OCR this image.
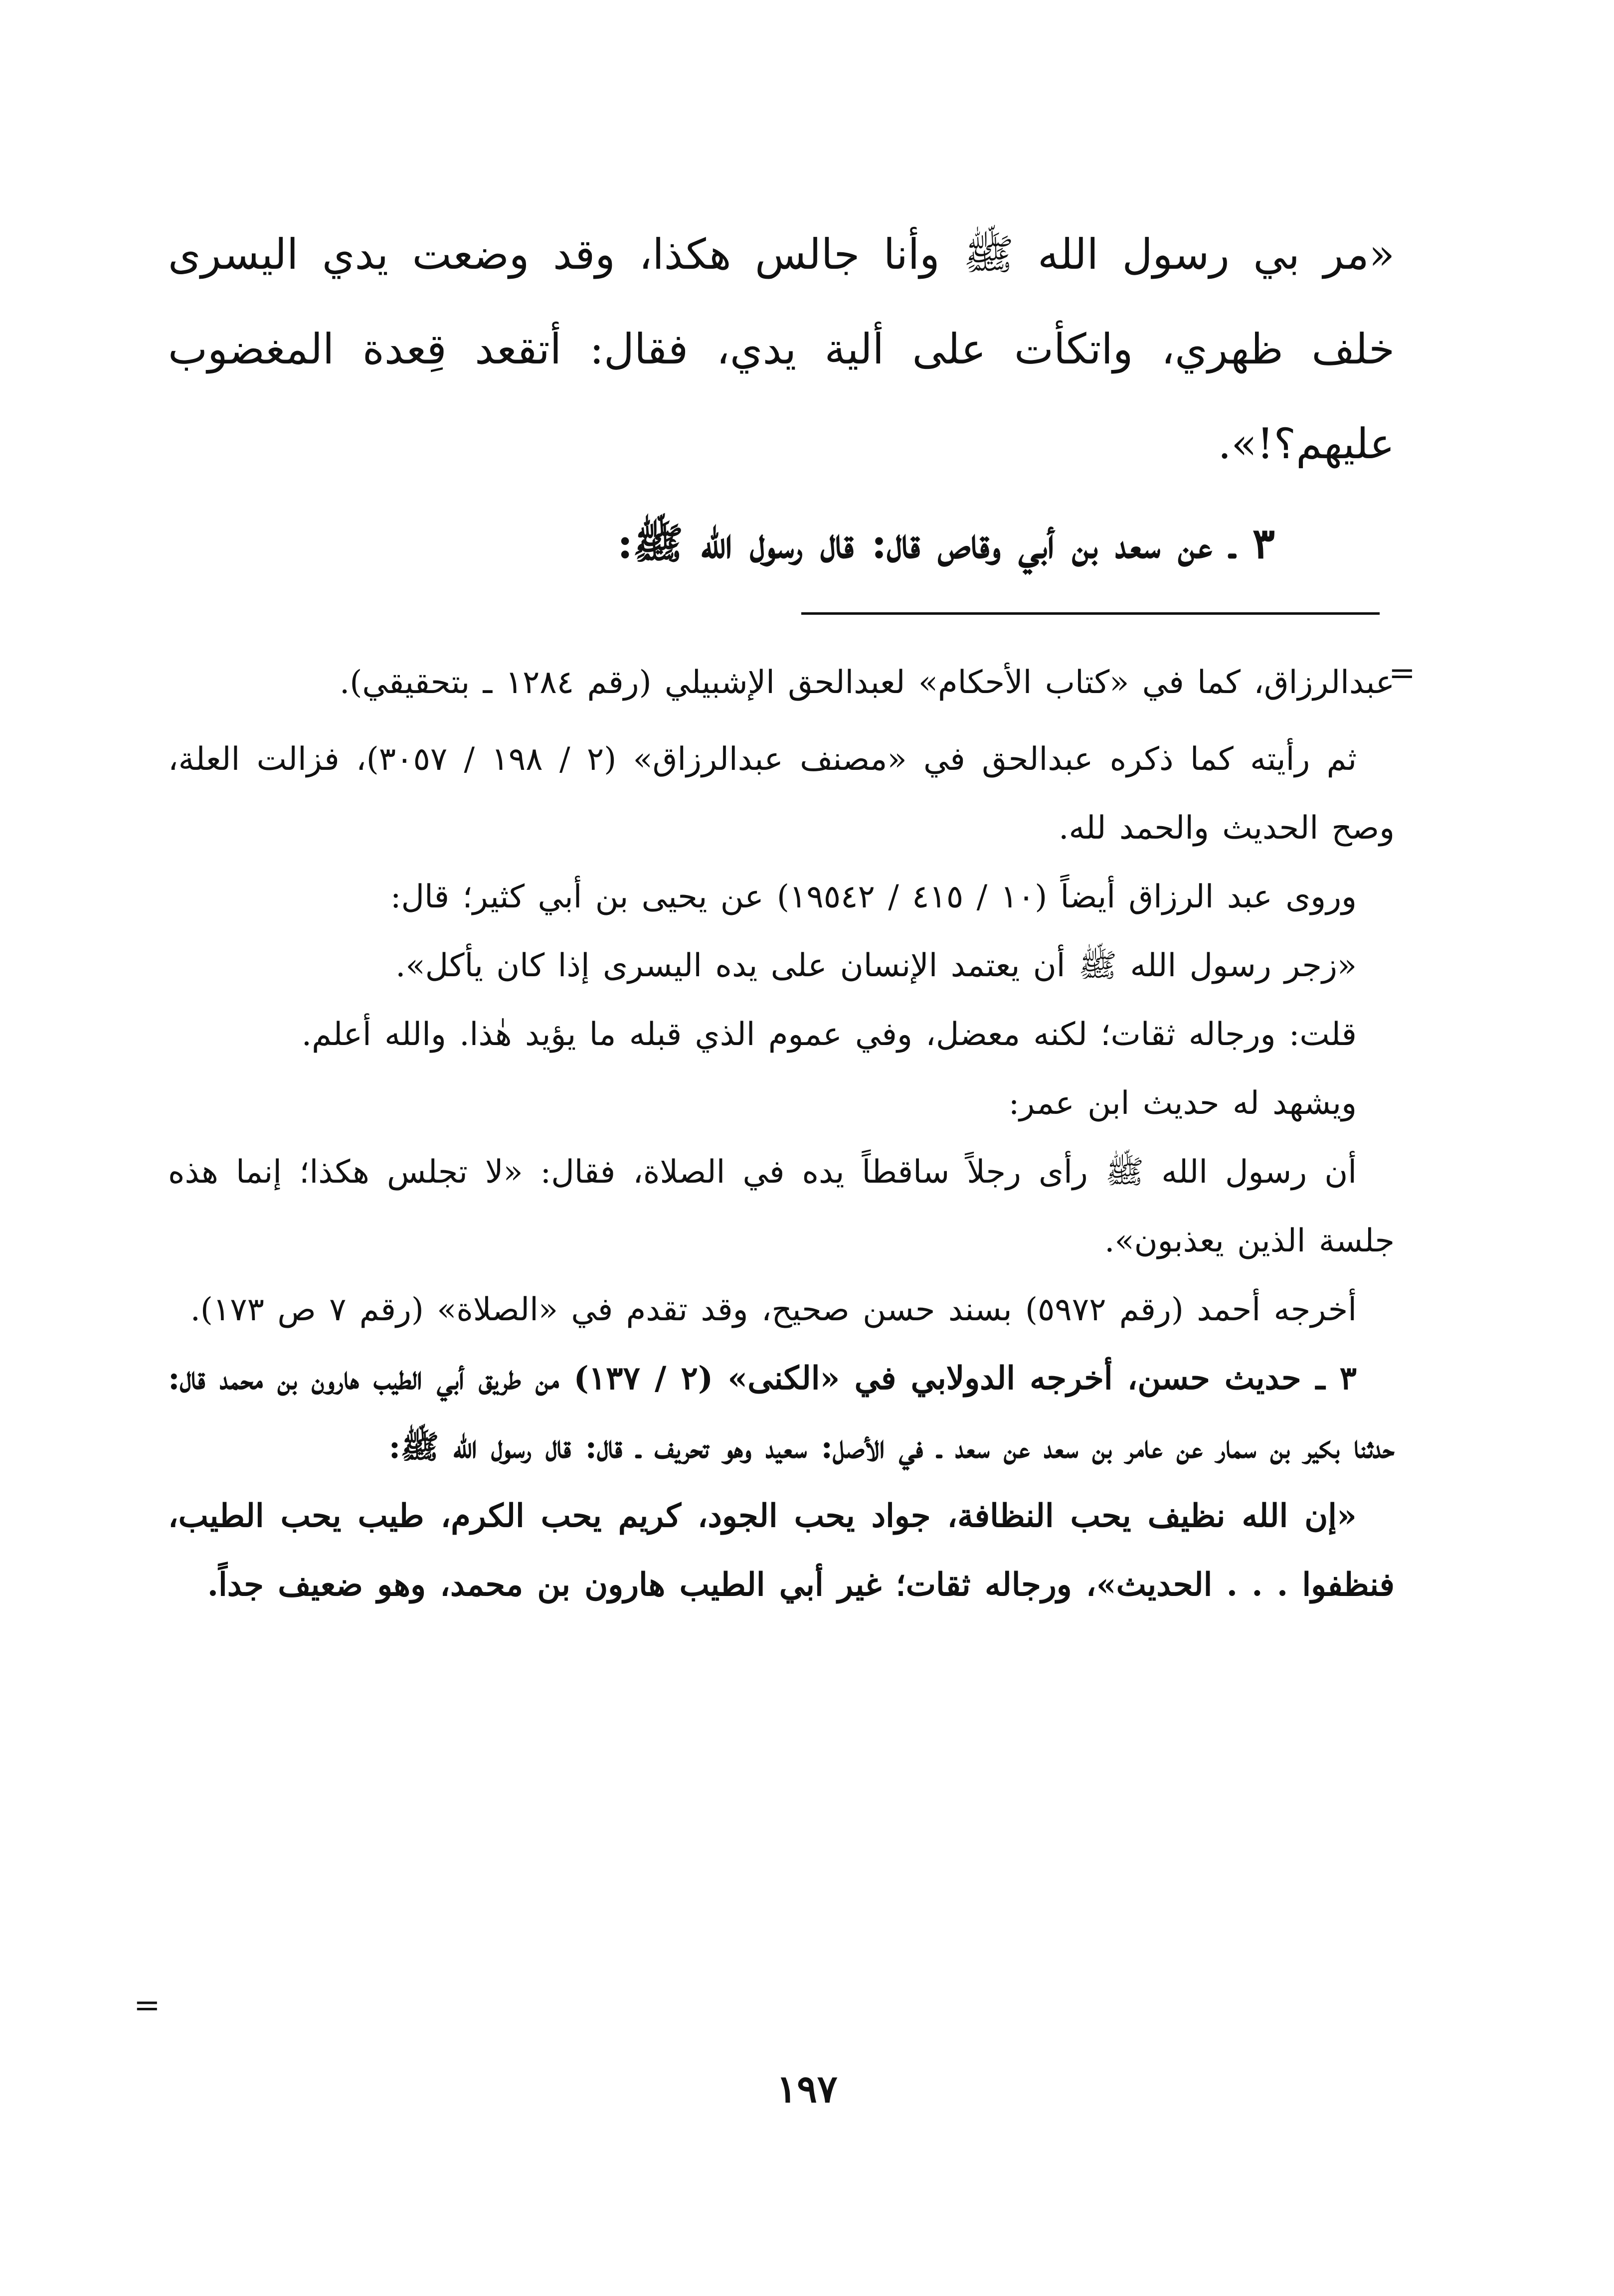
«مر بي رسول الله ﷺ وأنا جالس هكذا، وقد وضعت يدي اليسرى خلف ظهري، واتكأت على ألية يدي، فقال: أتقعد قِعدة المغضوب عليهم؟!».

٣ ـ عن سعد بن أبي وقاص قال: قال رسول الله ﷺ:

=

عبدالرزاق، كما في «كتاب الأحكام» لعبدالحق الإشبيلي (رقم ١٢٨٤ ـ بتحقيقي).

ثم رأيته كما ذكره عبدالحق في «مصنف عبدالرزاق» (٢ / ١٩٨ / ٣٠٥٧)، فزالت العلة، وصح الحديث والحمد لله.

وروى عبد الرزاق أيضاً (١٠ / ٤١٥ / ١٩٥٤٢) عن يحيى بن أبي كثير؛ قال:

«زجر رسول الله ﷺ أن يعتمد الإنسان على يده اليسرى إذا كان يأكل».

قلت: ورجاله ثقات؛ لكنه معضل، وفي عموم الذي قبله ما يؤيد هٰذا. والله أعلم.

ويشهد له حديث ابن عمر:

أن رسول الله ﷺ رأى رجلاً ساقطاً يده في الصلاة، فقال: «لا تجلس هكذا؛ إنما هذه جلسة الذين يعذبون».

أخرجه أحمد (رقم ٥٩٧٢) بسند حسن صحيح، وقد تقدم في «الصلاة» (رقم ٧ ص ١٧٣).

٣ ـ حديث حسن، أخرجه الدولابي في «الكنى» (٢ / ١٣٧) من طريق أبي الطيب هارون بن محمد قال: حدثنا بكير بن سمار عن عامر بن سعد عن سعد ـ في الأصل: سعيد وهو تحريف ـ قال: قال رسول الله ﷺ:

«إن الله نظيف يحب النظافة، جواد يحب الجود، كريم يحب الكرم، طيب يحب الطيب، فنظفوا . . . الحديث»، ورجاله ثقات؛ غير أبي الطيب هارون بن محمد، وهو ضعيف جداً.

=
١٩٧
